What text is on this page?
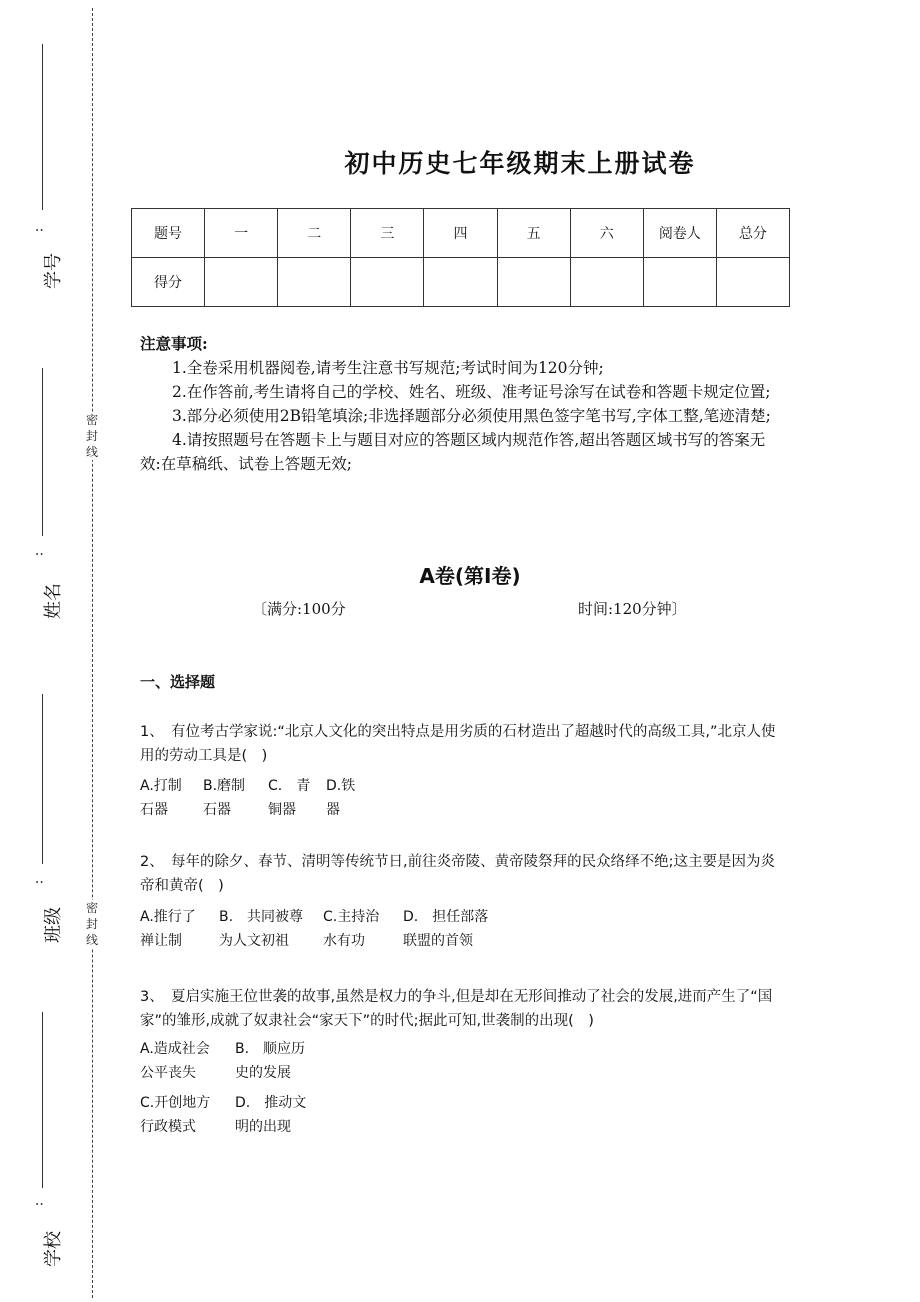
密
封
线
密
封
线
学号
:
姓名
:
班级
:
学校
:
初中历史七年级期末上册试卷
题号	一	二	三	四	五	六	阅卷人	总分
得分								
注意事项:

1.全卷采用机器阅卷,请考生注意书写规范;考试时间为120分钟;

2.在作答前,考生请将自己的学校、姓名、班级、准考证号涂写在试卷和答题卡规定位置;

3.部分必须使用2B铅笔填涂;非选择题部分必须使用黑色签字笔书写,字体工整,笔迹清楚;

4.请按照题号在答题卡上与题目对应的答题区域内规范作答,超出答题区域书写的答案无效:在草稿纸、试卷上答题无效;

A卷(第I卷)
〔满分:100分	时间:120分钟〕
一、选择题
1、　有位考古学家说:“北京人文化的突出特点是用劣质的石材造出了超越时代的高级工具,”北京人使用的劳动工具是(　)
A.打制
石器
B.磨制
石器
C.　青
铜器
D.铁
器
2、　每年的除夕、春节、清明等传统节日,前往炎帝陵、黄帝陵祭拜的民众络绎不绝;这主要是因为炎帝和黄帝(　)
A.推行了
禅让制
B.　共同被尊
为人文初祖
C.主持治
水有功
D.　担任部落
联盟的首领
3、　夏启实施王位世袭的故事,虽然是权力的争斗,但是却在无形间推动了社会的发展,进而产生了“国家”的雏形,成就了奴隶社会“家天下”的时代;据此可知,世袭制的出现(　)
A.造成社会
公平丧失
B.　顺应历
史的发展
C.开创地方
行政模式
D.　推动文
明的出现
